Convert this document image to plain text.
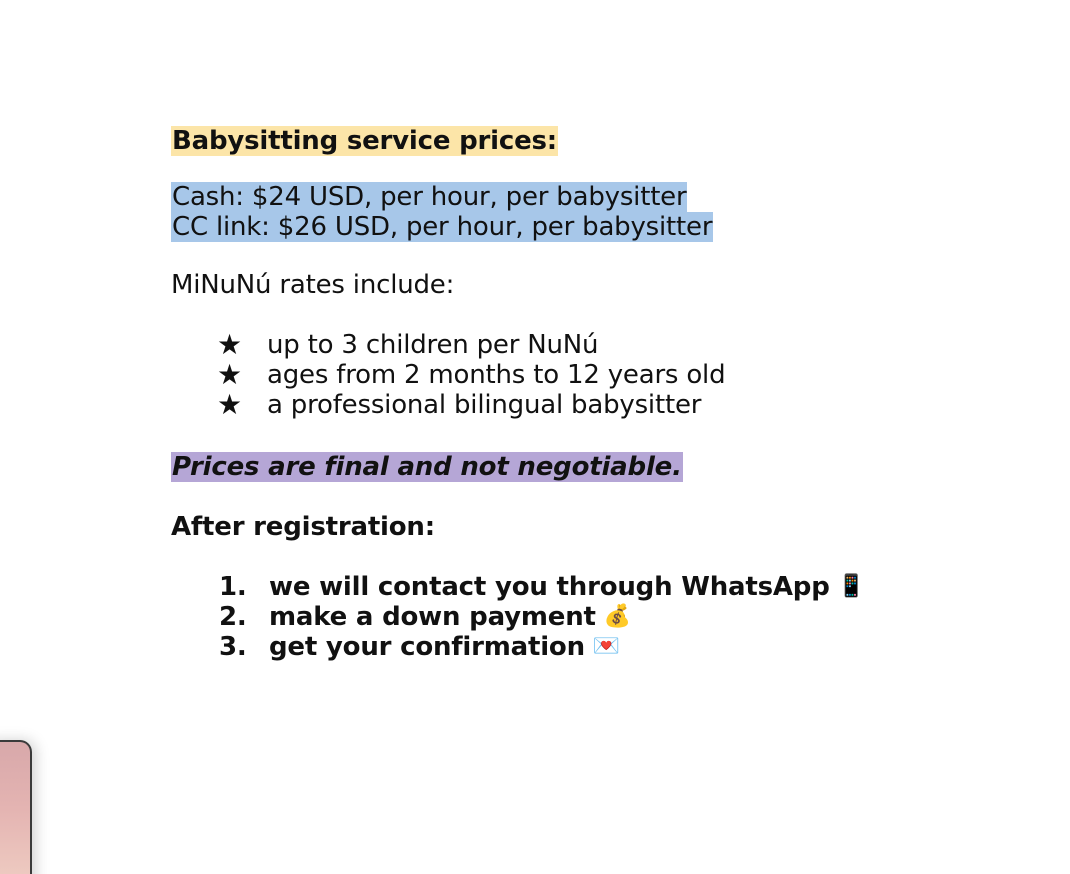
Babysitting service prices:
Cash: $24 USD, per hour, per babysitter
CC link: $26 USD, per hour, per babysitter
MiNuNú rates include:
★ up to 3 children per NuNú
★ ages from 2 months to 12 years old
★ a professional bilingual babysitter
Prices are final and not negotiable.
After registration:
1. we will contact you through WhatsApp 📱
2. make a down payment 💰
3. get your confirmation 💌
